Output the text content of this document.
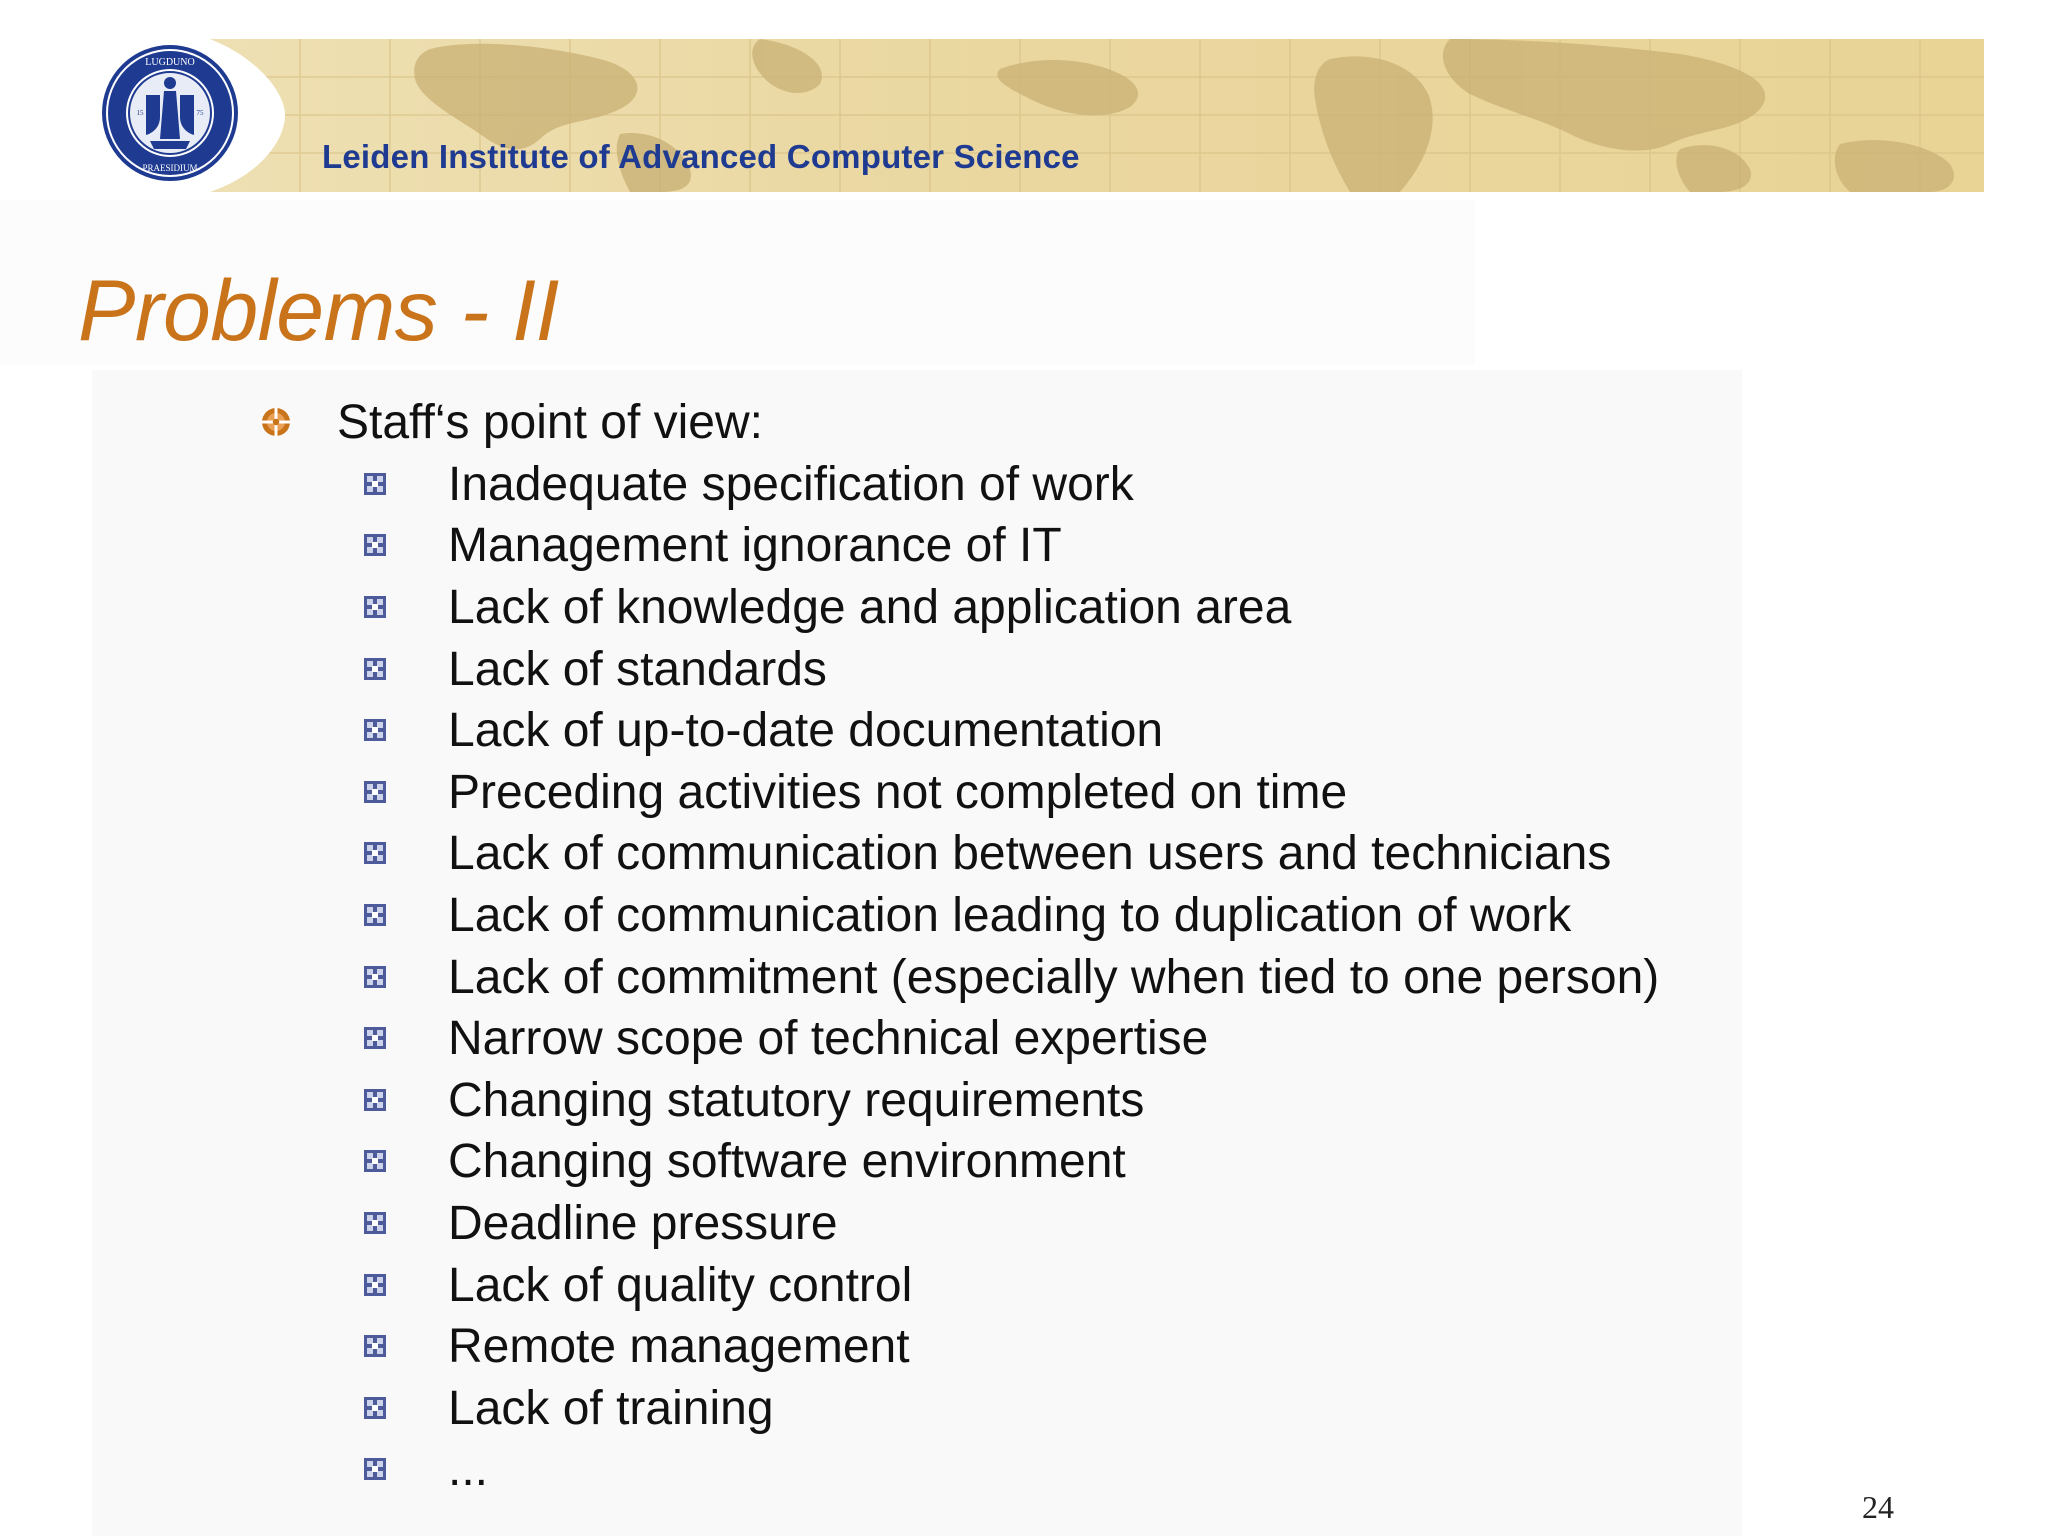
LUGDUNO
PRAESIDIUM
15	75
Leiden Institute of Advanced Computer Science
Problems - II
Staff‘s point of view:
Inadequate specification of work
Management ignorance of IT
Lack of knowledge and application area
Lack of standards
Lack of up-to-date documentation
Preceding activities not completed on time
Lack of communication between users and technicians
Lack of communication leading to duplication of work
Lack of commitment (especially when tied to one person)
Narrow scope of technical expertise
Changing statutory requirements
Changing software environment
Deadline pressure
Lack of quality control
Remote management
Lack of training
...
24
